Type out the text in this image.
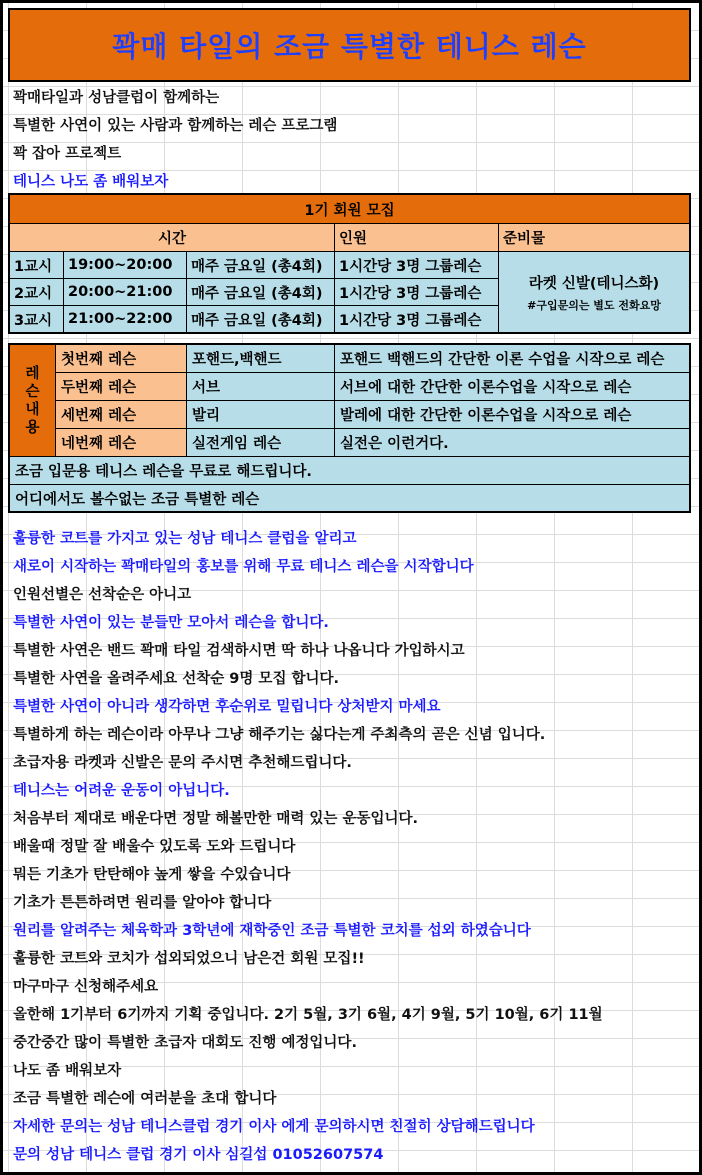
꽉매 타일의 조금 특별한 테니스 레슨
꽉매타일과 성남클럽이 함께하는
특별한 사연이 있는 사람과 함께하는 레슨 프로그램
꽉 잡아 프로젝트
테니스 나도 좀 배워보자
1기 회원 모집
시간	인원	준비물
1교시	19:00~20:00	매주 금요일 (총4회)	1시간당 3명 그룹레슨
2교시	20:00~21:00	매주 금요일 (총4회)	1시간당 3명 그룹레슨
3교시	21:00~22:00	매주 금요일 (총4회)	1시간당 3명 그룹레슨
라켓 신발(테니스화)
#구입문의는 별도 전화요망
레
슨
내
용
첫번째 레슨	포핸드,백핸드	포핸드 백핸드의 간단한 이론 수업을 시작으로 레슨
두번째 레슨	서브	서브에 대한 간단한 이론수업을 시작으로 레슨
세번째 레슨	발리	발레에 대한 간단한 이론수업을 시작으로 레슨
네번째 레슨	실전게임 레슨	실전은 이런거다.
조금 입문용 테니스 레슨을 무료로 해드립니다.
어디에서도 볼수없는 조금 특별한 레슨
훌륭한 코트를 가지고 있는 성남 테니스 클럽을 알리고
새로이 시작하는 꽉매타일의 홍보를 위해 무료 테니스 레슨을 시작합니다
인원선별은 선착순은 아니고
특별한 사연이 있는 분들만 모아서 레슨을 합니다.
특별한 사연은 밴드 꽉매 타일 검색하시면 딱 하나 나옵니다 가입하시고
특별한 사연을 올려주세요 선착순 9명 모집 합니다.
특별한 사연이 아니라 생각하면 후순위로 밀립니다 상처받지 마세요
특별하게 하는 레슨이라 아무나 그냥 해주기는 싫다는게 주최측의 곧은 신념 입니다.
초급자용 라켓과 신발은 문의 주시면 추천해드립니다.
테니스는 어려운 운동이 아닙니다.
처음부터 제대로 배운다면 정말 해볼만한 매력 있는 운동입니다.
배울때 정말 잘 배울수 있도록 도와 드립니다
뭐든 기초가 탄탄해야 높게 쌓을 수있습니다
기초가 튼튼하려면 원리를 알아야 합니다
원리를 알려주는 체육학과 3학년에 재학중인 조금 특별한 코치를 섭외 하였습니다
훌륭한 코트와 코치가 섭외되었으니 남은건 회원 모집!!
마구마구 신청해주세요
올한해 1기부터 6기까지 기획 중입니다. 2기 5월, 3기 6월, 4기 9월, 5기 10월, 6기 11월
중간중간 많이 특별한 초급자 대회도 진행 예정입니다.
나도 좀 배워보자
조금 특별한 레슨에 여러분을 초대 합니다
자세한 문의는 성남 테니스클럽 경기 이사 에게 문의하시면 친절히 상담해드립니다
문의 성남 테니스 클럽 경기 이사 심길섭 01052607574
